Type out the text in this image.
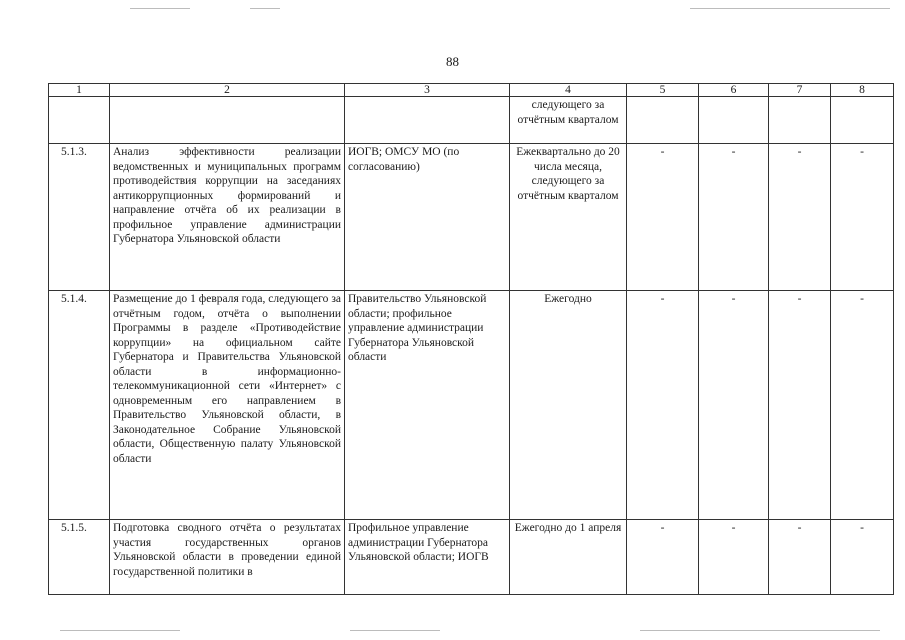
88
1	2	3	4	5	6	7	8
			следующего за отчётным кварталом				
5.1.3.	Анализ эффективности реализации ведомственных и муниципальных программ противодействия коррупции на заседаниях антикоррупционных формирований и направление отчёта об их реализации в профильное управление администрации Губернатора Ульяновской области	ИОГВ; ОМСУ МО (по согласованию)	Ежеквартально до 20 числа месяца, следующего за отчётным кварталом	-	-	-	-
5.1.4.	Размещение до 1 февраля года, следующего за отчётным годом, отчёта о выполнении Программы в разделе «Противодействие коррупции» на официальном сайте Губернатора и Правительства Ульяновской области в информационно-телекоммуникационной сети «Интернет» с одновременным его направлением в Правительство Ульяновской области, в Законодательное Собрание Ульяновской области, Общественную палату Ульяновской области	Правительство Ульяновской области; профильное управление администрации Губернатора Ульяновской области	Ежегодно	-	-	-	-
5.1.5.	Подготовка сводного отчёта о результатах участия государственных органов Ульяновской области в проведении единой государственной политики в	Профильное управление администрации Губернатора Ульяновской области; ИОГВ	Ежегодно до 1 апреля	-	-	-	-
